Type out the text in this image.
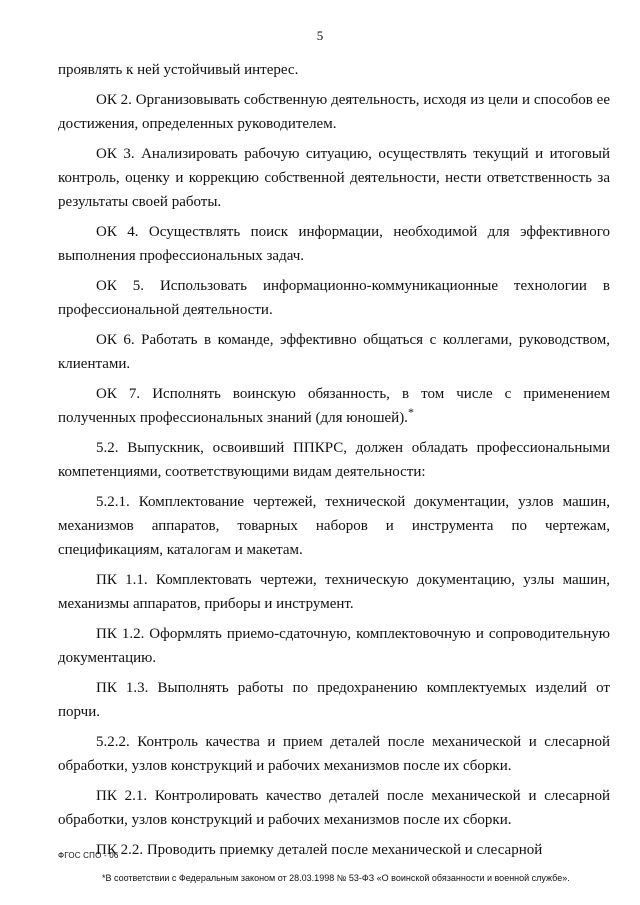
5

проявлять к ней устойчивый интерес.

ОК 2. Организовывать собственную деятельность, исходя из цели и способов ее достижения, определенных руководителем.

ОК 3. Анализировать рабочую ситуацию, осуществлять текущий и итоговый контроль, оценку и коррекцию собственной деятельности, нести ответственность за результаты своей работы.

ОК 4. Осуществлять поиск информации, необходимой для эффективного выполнения профессиональных задач.

ОК 5. Использовать информационно-коммуникационные технологии в профессиональной деятельности.

ОК 6. Работать в команде, эффективно общаться с коллегами, руководством, клиентами.

ОК 7. Исполнять воинскую обязанность, в том числе с применением полученных профессиональных знаний (для юношей).*

5.2. Выпускник, освоивший ППКРС, должен обладать профессиональными компетенциями, соответствующими видам деятельности:

5.2.1. Комплектование чертежей, технической документации, узлов машин, механизмов аппаратов, товарных наборов и инструмента по чертежам, спецификациям, каталогам и макетам.

ПК 1.1. Комплектовать чертежи, техническую документацию, узлы машин, механизмы аппаратов, приборы и инструмент.

ПК 1.2. Оформлять приемо-сдаточную, комплектовочную и сопроводительную документацию.

ПК 1.3. Выполнять работы по предохранению комплектуемых изделий от порчи.

5.2.2. Контроль качества и прием деталей после механической и слесарной обработки, узлов конструкций и рабочих механизмов после их сборки.

ПК 2.1. Контролировать качество деталей после механической и слесарной обработки, узлов конструкций и рабочих механизмов после их сборки.

ПК 2.2. Проводить приемку деталей после механической и слесарной

ФГОС СПО - 06
*В соответствии с Федеральным законом от 28.03.1998 № 53-ФЗ «О воинской обязанности и военной службе».
